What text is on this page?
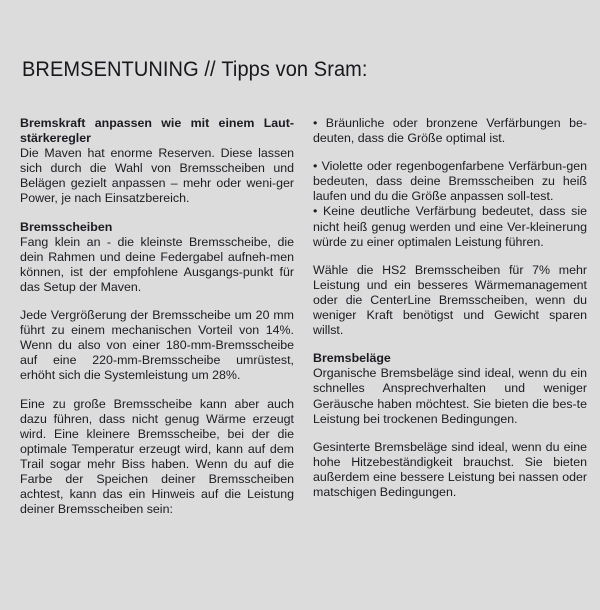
BREMSENTUNING // Tipps von Sram:

Bremskraft anpassen wie mit einem Laut-stärkeregler
Die Maven hat enorme Reserven. Diese lassen sich durch die Wahl von Bremsscheiben und Belägen gezielt anpassen – mehr oder weni-ger Power, je nach Einsatzbereich.

Bremsscheiben
Fang klein an - die kleinste Bremsscheibe, die dein Rahmen und deine Federgabel aufneh-men können, ist der empfohlene Ausgangs-punkt für das Setup der Maven.

Jede Vergrößerung der Bremsscheibe um 20 mm führt zu einem mechanischen Vorteil von 14%. Wenn du also von einer 180-mm-Bremsscheibe auf eine 220-mm-Bremsscheibe umrüstest, erhöht sich die Systemleistung um 28%.

Eine zu große Bremsscheibe kann aber auch dazu führen, dass nicht genug Wärme erzeugt wird. Eine kleinere Bremsscheibe, bei der die optimale Temperatur erzeugt wird, kann auf dem Trail sogar mehr Biss haben. Wenn du auf die Farbe der Speichen deiner Bremsscheiben achtest, kann das ein Hinweis auf die Leistung deiner Bremsscheiben sein:

• Bräunliche oder bronzene Verfärbungen be-deuten, dass die Größe optimal ist.

• Violette oder regenbogenfarbene Verfärbun-gen bedeuten, dass deine Bremsscheiben zu heiß laufen und du die Größe anpassen soll-test.

• Keine deutliche Verfärbung bedeutet, dass sie nicht heiß genug werden und eine Ver-kleinerung würde zu einer optimalen Leistung führen.

Wähle die HS2 Bremsscheiben für 7% mehr Leistung und ein besseres Wärmemanagement oder die CenterLine Bremsscheiben, wenn du weniger Kraft benötigst und Gewicht sparen willst.

Bremsbeläge
Organische Bremsbeläge sind ideal, wenn du ein schnelles Ansprechverhalten und weniger Geräusche haben möchtest. Sie bieten die bes-te Leistung bei trockenen Bedingungen.

Gesinterte Bremsbeläge sind ideal, wenn du eine hohe Hitzebeständigkeit brauchst. Sie bieten außerdem eine bessere Leistung bei nassen oder matschigen Bedingungen.
